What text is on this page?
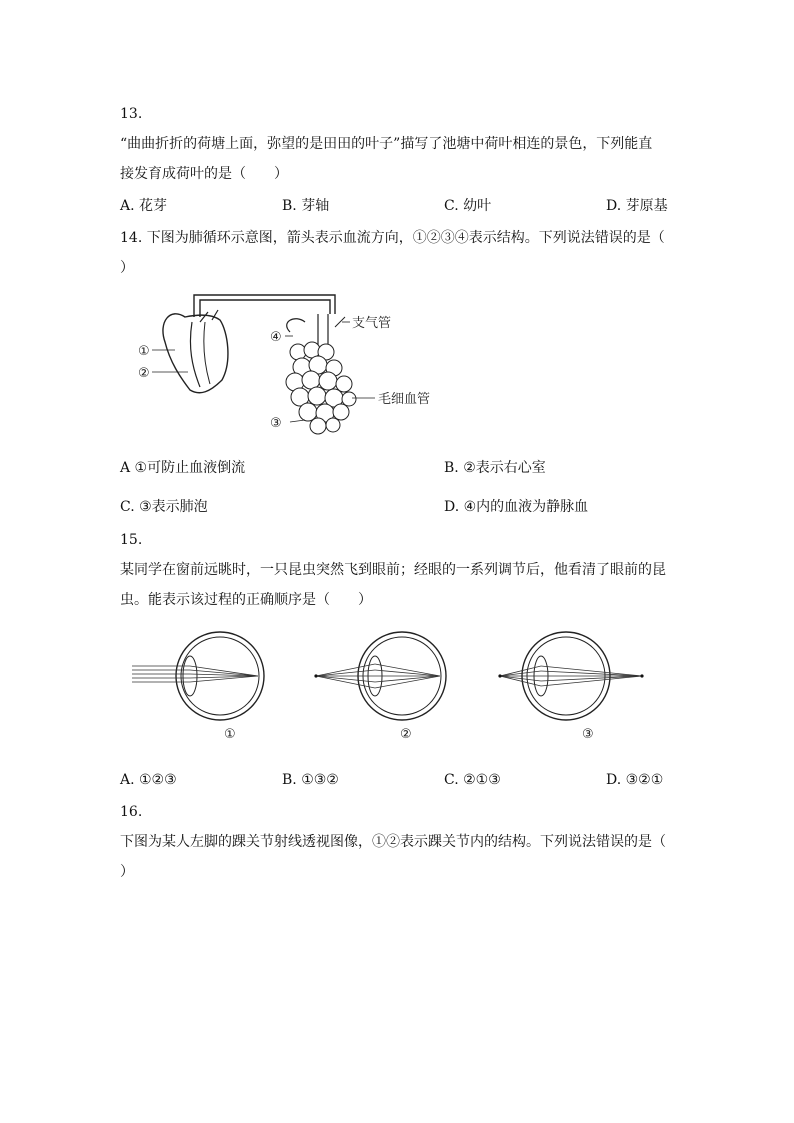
13.
“曲曲折折的荷塘上面，弥望的是田田的叶子”描写了池塘中荷叶相连的景色，下列能直
接发育成荷叶的是（　　）
A. 花芽	B. 芽轴	C. 幼叶	D. 芽原基
14. 下图为肺循环示意图，箭头表示血流方向，①②③④表示结构。下列说法错误的是（
）
①
②
④
③
支气管
毛细血管
A ①可防止血液倒流	B. ②表示右心室
C. ③表示肺泡	D. ④内的血液为静脉血
15.
某同学在窗前远眺时，一只昆虫突然飞到眼前；经眼的一系列调节后，他看清了眼前的昆
虫。能表示该过程的正确顺序是（　　）
①	②	③
A. ①②③	B. ①③②	C. ②①③	D. ③②①
16.
下图为某人左脚的踝关节射线透视图像，①②表示踝关节内的结构。下列说法错误的是（
）
